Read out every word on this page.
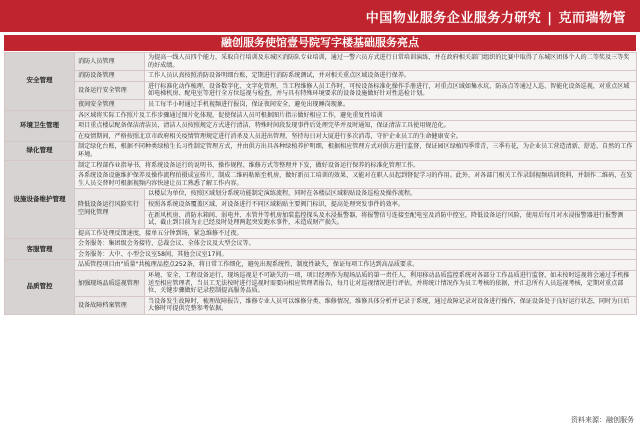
中国物业服务企业服务力研究 | 克而瑞物管
融创服务使馆壹号院写字楼基础服务亮点
安全管理	消防人员管理	为提高一线人员四个能力，采取自行培训及东城区消防队专业培训，通过一警六员方式进行日常培训演练，并在政府相关部门组织的比赛中取得了东城区团体个人的二等奖及三等奖的好成绩。
	消防设备管理	工作人员认真按照消防设备明细台账，定期进行消防系统测试，并对相关重点区域设备进行保养。
	设备运行安全管理	进行标准化动作梳理，设备数字化、文字化管理，当工程维修人员工作时，可按设备标准化操作手册进行，对重点区域如集水坑、防冻点等通过人巡、智能化设备巡视，对重点区域如电梯机房、配电室等进行全方位巡视与检查，并与具有特殊环境要求的设备设施做好针对性巡检计划。
	夜间安全管理	员工每半小时通过手机视频进行报岗，保证夜间安全，避免出现睡岗现象。
环境卫生管理	各区域将实际工作照片及工作步骤通过图片化体现，促使保洁人员可根据图片指示做好相应工作，避免重复性培训	
	项目重点楼层配备保洁清洁员，清洁人员按照规定方式进行清洁，特殊时间段发现事件后处理完毕并及时通知，保证清洁工具使用规范化。	
	在疫情期间，严格按照北京市政府相关疫情管理规定进行消杀及人员进出管理，坚持每日对大厦进行多次消毒，守护企业员工的生命健康安全。	
绿化管理	制定绿化台账，根据不同种类绿植生长习性制定管理方式，并由供方出具各种绿植养护明细，根据相应管理方式对供方进行监督，保证园区绿植四季常青，三季有花，为企业员工营造清新、舒适、自然的工作环境。	
设施设备维护管理	制定工程部作业指导书，将系统设备运行的说明书、操作规程、维修方式等整理并下发，做好设备运行保养的标准化管理工作。	
	各系统设备设施维护保养及操作流程拍摄成宣传片，制成二维码粘贴至机房，做好新员工培训的效果，又能对在职人员起到督促学习的作用。此外，对各部门相关工作录制视频培训资料，并制作二维码，在发生人员交替时可根据视频内容快速让员工熟悉了解工作内容。	
	降低设备运行风险实行空间化管理	以楼层为单位，按照区域划分系统功能制定演练流程，同时在各楼层区域粘贴设备巡检及操作流程。
		按照各系统设备覆盖区域、对设备进行不同区域粘贴主要阀门标识，提高处理突发事件的效率。
		在新风机房、消防水箱间、弱电井、水管井等机房加装监控探头及水浸报警器，将报警信号连接至配电室及消防中控室，降低设备运行风险，使用后每月对水浸报警器进行报警测试，截止到目前为止已经及时处理两起突发跑水事件，未造成财产损失。
	提高工作处理反馈速度，接单五分钟到场，紧急维修不过夜。	
客服管理	会务服务：集团级会务接待、总裁会议、全体会议及大型会议等。	
	会务服务：大中、小型会议室58间，其他会议室17间。	
品质管控	品质管控项目由"质量"共梳理品控点252条，将日常工作细化，避免出现系统性、制度性缺失，保证每项工作达到高品质要求。	
	加强现场品质巡视管理	环境、安全、工程设备运行、现场巡视是不可缺失的一项，项目经理作为现场品质的第一责任人，利用移动品质监控系统对各部分工作品质进行监督，如未按时巡视将会通过手机推送至相应管理者，当员工无法按时进行巡视时需要向相应管理者报告，每月让对巡视情况进行评估，并将统计情况作为员工考核的依据，并汇总所有人员巡视考核，定期对重点部位、关键步骤做好记录控制提高服务品质。
	设备故障档案管理	当设备发生故障时，梳理故障报告，维修专业人员可以维修分类、维修情况，维修具体分析并记录于系统，通过故障记录对设备进行操作，保证设备处于良好运行状态，同时为日后大修时可提供完整参考依据。
资料来源：融创服务
